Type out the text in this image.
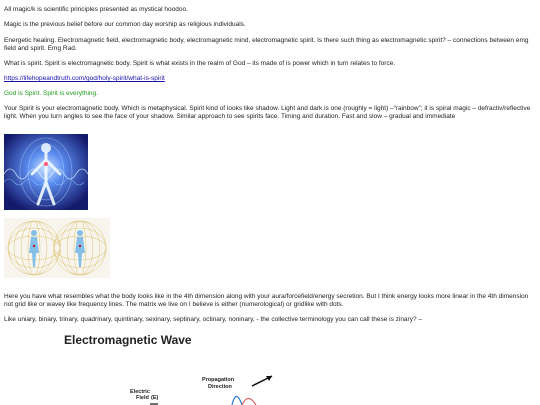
All magic/k is scientific principles presented as mystical hoodoo.

Magic is the previous belief before our common day worship as religious individuals.

Energetic healing. Electromagnetic field, electromagnetic body, electromagnetic mind, electromagnetic spirit. Is there such thing as electromagnetic spirit? – connections between emg field and spirit. Emg Rad.

What is spirit. Spirit is electromagnetic body. Spirit is what exists in the realm of God – its made of is power which in turn relates to force.

https://lifehopeandtruth.com/god/holy-spirit/what-is-spirit

God is Spirit. Spirit is everything.

Your Spirit is your electromagnetic body. Which is metaphysical. Spirit kind of looks like shadow. Light and dark is one (roughly = light) –“rainbow”; it is spiral magic – defractiv/reflective light. When you turn angles to see the face of your shadow. Similar approach to see spirits face. Timing and duration. Fast and slow – gradual and immediate

Here you have what resembles what the body looks like in the 4th dimension along with your aura/forcefield/energy secretion. But I think energy looks more linear in the 4th dimension not grid like or wavey like frequency lines. The matrix we live on I believe is either (numerological) or gridlike with dots.

Like uniary, binary, trinary, quadrinary, quintinary, sexinary, septinary, octinary, noninary, - the collective terminology you can call these is zinary? –

Electromagnetic Wave
Propagation
Direction
Electric
Field (E)
